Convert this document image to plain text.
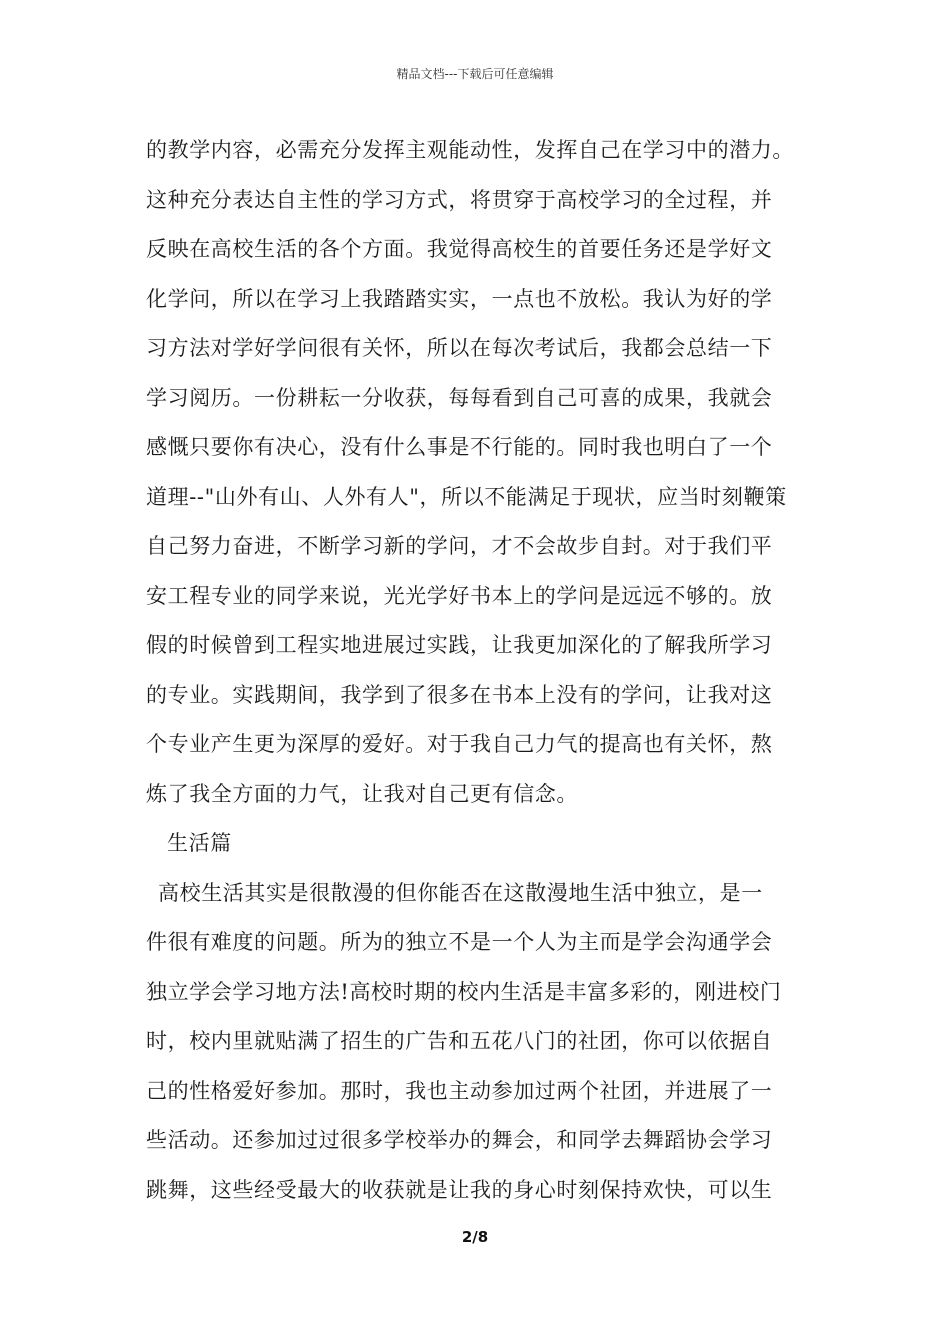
精品文档---下载后可任意编辑
的教学内容，必需充分发挥主观能动性，发挥自己在学习中的潜力。
这种充分表达自主性的学习方式，将贯穿于高校学习的全过程，并
反映在高校生活的各个方面。我觉得高校生的首要任务还是学好文
化学问，所以在学习上我踏踏实实，一点也不放松。我认为好的学
习方法对学好学问很有关怀，所以在每次考试后，我都会总结一下
学习阅历。一份耕耘一分收获，每每看到自己可喜的成果，我就会
感慨只要你有决心，没有什么事是不行能的。同时我也明白了一个
道理--"山外有山、人外有人"，所以不能满足于现状，应当时刻鞭策
自己努力奋进，不断学习新的学问，才不会故步自封。对于我们平
安工程专业的同学来说，光光学好书本上的学问是远远不够的。放
假的时候曾到工程实地进展过实践，让我更加深化的了解我所学习
的专业。实践期间，我学到了很多在书本上没有的学问，让我对这
个专业产生更为深厚的爱好。对于我自己力气的提高也有关怀，熬
炼了我全方面的力气，让我对自己更有信念。
生活篇
高校生活其实是很散漫的但你能否在这散漫地生活中独立，是一
件很有难度的问题。所为的独立不是一个人为主而是学会沟通学会
独立学会学习地方法!高校时期的校内生活是丰富多彩的，刚进校门
时，校内里就贴满了招生的广告和五花八门的社团，你可以依据自
己的性格爱好参加。那时，我也主动参加过两个社团，并进展了一
些活动。还参加过过很多学校举办的舞会，和同学去舞蹈协会学习
跳舞，这些经受最大的收获就是让我的身心时刻保持欢快，可以生
2/8
